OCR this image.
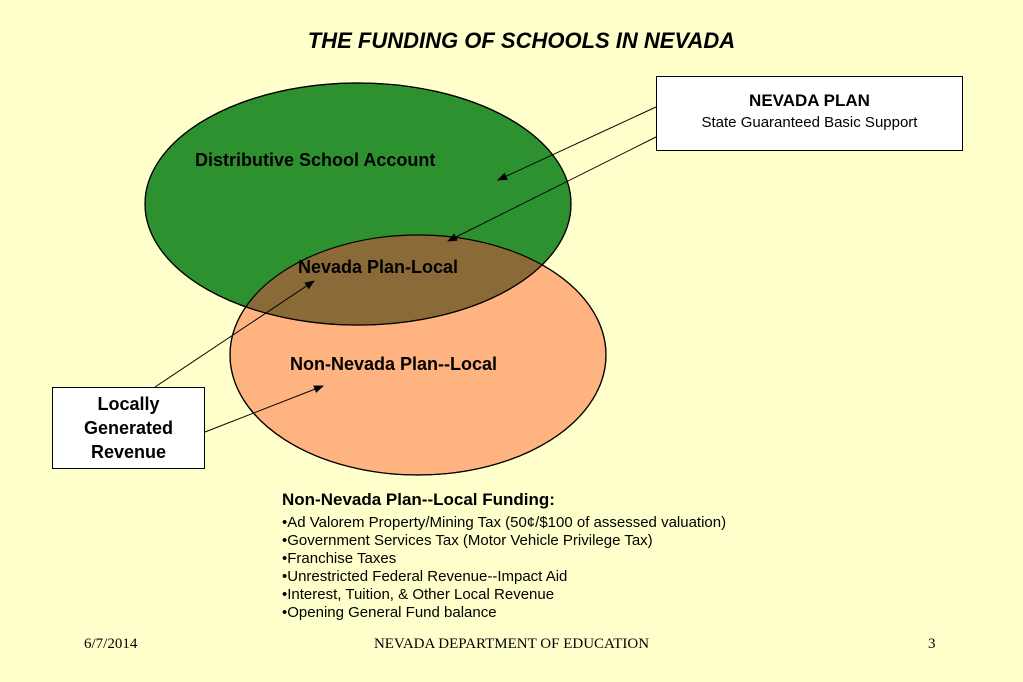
THE FUNDING OF SCHOOLS IN NEVADA
Distributive School Account
Nevada Plan-Local
Non-Nevada Plan--Local
NEVADA PLAN
State Guaranteed Basic Support
Locally
Generated
Revenue
Non-Nevada Plan--Local Funding:
•Ad Valorem Property/Mining Tax (50¢/$100 of assessed valuation)
•Government Services Tax (Motor Vehicle Privilege Tax)
•Franchise Taxes
•Unrestricted Federal Revenue--Impact Aid
•Interest, Tuition, & Other Local Revenue
•Opening General Fund balance
6/7/2014	NEVADA DEPARTMENT OF EDUCATION	3
